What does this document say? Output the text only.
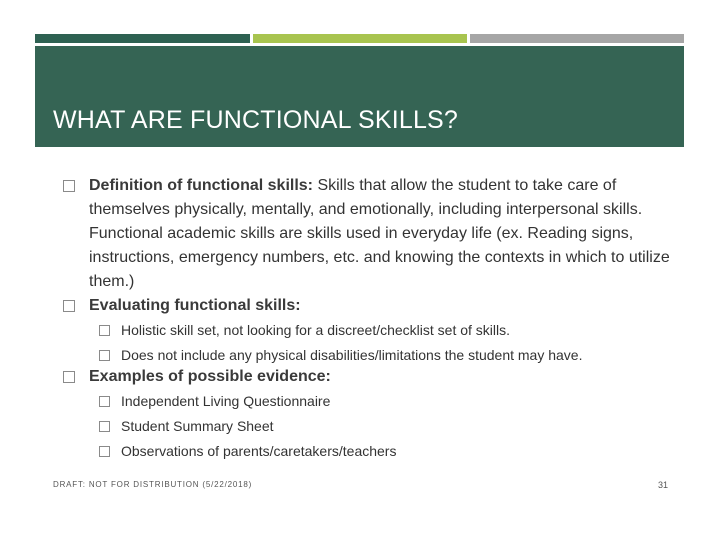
WHAT ARE FUNCTIONAL SKILLS?
Definition of functional skills: Skills that allow the student to take care of themselves physically, mentally, and emotionally, including interpersonal skills. Functional academic skills are skills used in everyday life (ex. Reading signs, instructions, emergency numbers, etc. and knowing the contexts in which to utilize them.)
Evaluating functional skills:
Holistic skill set, not looking for a discreet/checklist set of skills.
Does not include any physical disabilities/limitations the student may have.
Examples of possible evidence:
Independent Living Questionnaire
Student Summary Sheet
Observations of parents/caretakers/teachers
DRAFT: NOT FOR DISTRIBUTION (5/22/2018)	31
